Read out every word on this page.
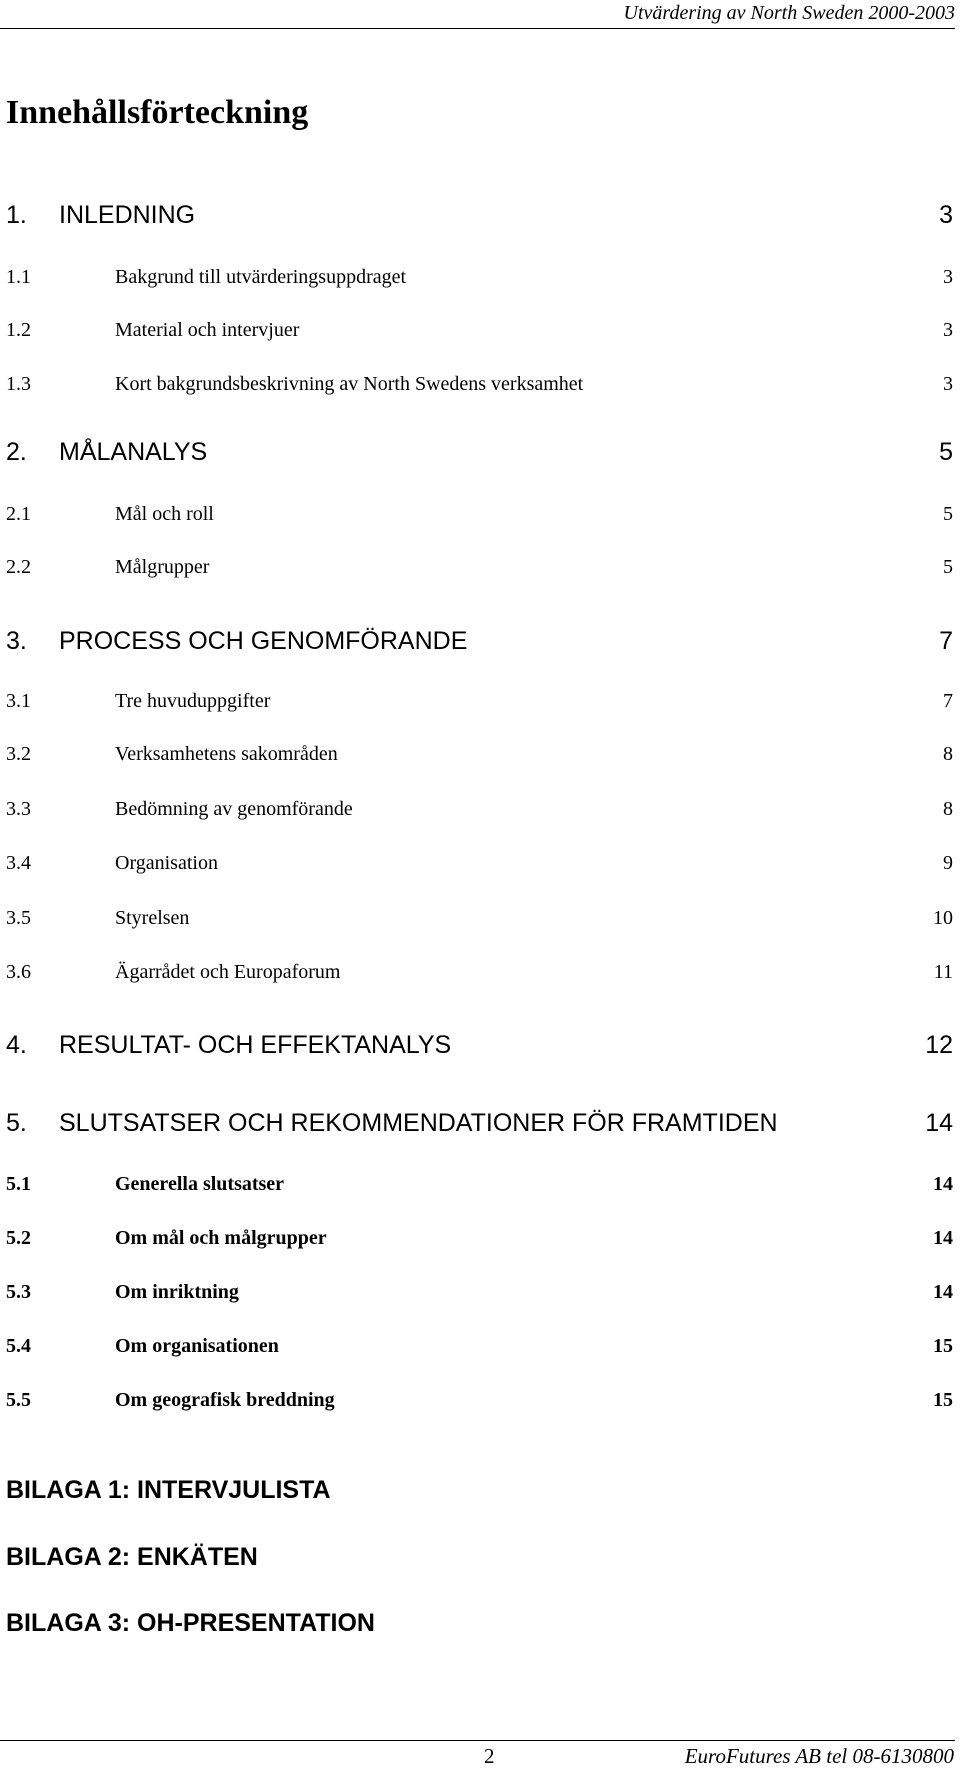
Utvärdering av North Sweden 2000-2003
Innehållsförteckning
1. INLEDNING	3
1.1	Bakgrund till utvärderingsuppdraget	3
1.2	Material och intervjuer	3
1.3	Kort bakgrundsbeskrivning av North Swedens verksamhet	3
2. MÅLANALYS	5
2.1	Mål och roll	5
2.2	Målgrupper	5
3. PROCESS OCH GENOMFÖRANDE	7
3.1	Tre huvuduppgifter	7
3.2	Verksamhetens sakområden	8
3.3	Bedömning av genomförande	8
3.4	Organisation	9
3.5	Styrelsen	10
3.6	Ägarrådet och Europaforum	11
4. RESULTAT- OCH EFFEKTANALYS	12
5. SLUTSATSER OCH REKOMMENDATIONER FÖR FRAMTIDEN	14
5.1	Generella slutsatser	14
5.2	Om mål och målgrupper	14
5.3	Om inriktning	14
5.4	Om organisationen	15
5.5	Om geografisk breddning	15
BILAGA 1: INTERVJULISTA
BILAGA 2: ENKÄTEN
BILAGA 3: OH-PRESENTATION
2	EuroFutures AB tel 08-6130800
